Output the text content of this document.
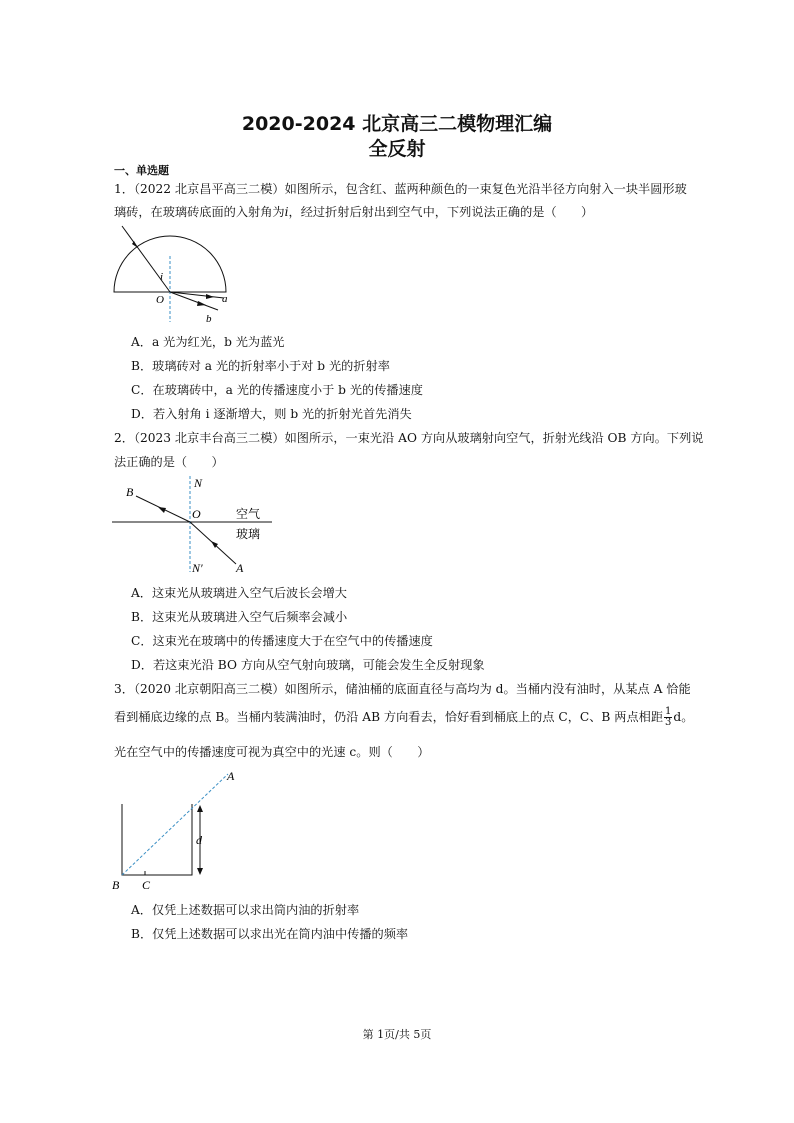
2020-2024 北京高三二模物理汇编
全反射
一、单选题
1．（2022 北京昌平高三二模）如图所示，包含红、蓝两种颜色的一束复色光沿半径方向射入一块半圆形玻
璃砖，在玻璃砖底面的入射角为i，经过折射后射出到空气中，下列说法正确的是（　　）
i
O	a
b
A．a 光为红光，b 光为蓝光
B．玻璃砖对 a 光的折射率小于对 b 光的折射率
C．在玻璃砖中，a 光的传播速度小于 b 光的传播速度
D．若入射角 i 逐渐增大，则 b 光的折射光首先消失
2．（2023 北京丰台高三二模）如图所示，一束光沿 AO 方向从玻璃射向空气，折射光线沿 OB 方向。下列说
法正确的是（　　）
B
N
O	空气
玻璃
N′	A
A．这束光从玻璃进入空气后波长会增大
B．这束光从玻璃进入空气后频率会减小
C．这束光在玻璃中的传播速度大于在空气中的传播速度
D．若这束光沿 BO 方向从空气射向玻璃，可能会发生全反射现象
3．（2020 北京朝阳高三二模）如图所示，储油桶的底面直径与高均为 d。当桶内没有油时，从某点 A 恰能
看到桶底边缘的点 B。当桶内装满油时，仍沿 AB 方向看去，恰好看到桶底上的点 C，C、B 两点相距 $\frac{1}{3}$ d。
光在空气中的传播速度可视为真空中的光速 c。则（　　）
A
d
B C
A．仅凭上述数据可以求出筒内油的折射率
B．仅凭上述数据可以求出光在筒内油中传播的频率
第 1页/共 5页
